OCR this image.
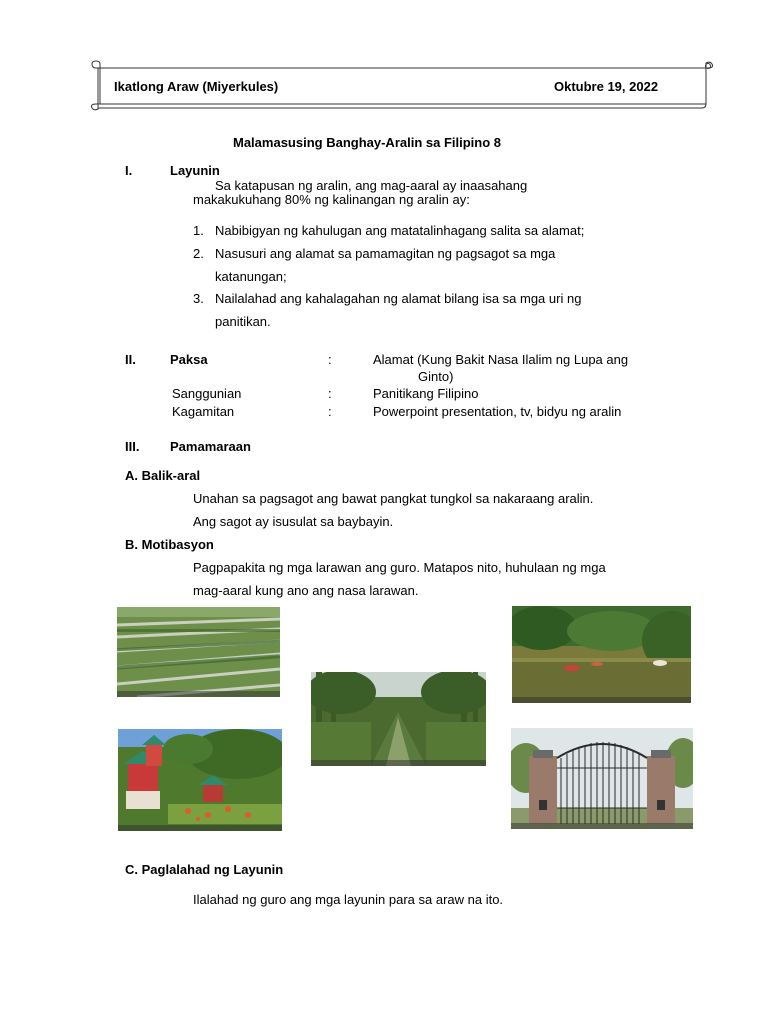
Ikatlong Araw (Miyerkules)	Oktubre 19, 2022
Malamasusing Banghay-Aralin sa Filipino 8
I.	Layunin
Sa katapusan ng aralin, ang mag-aaral ay inaasahang
makakukuhang 80% ng kalinangan ng aralin ay:
1. Nabibigyan ng kahulugan ang matatalinhagang salita sa alamat;
2. Nasusuri ang alamat sa pamamagitan ng pagsagot sa mga
katanungan;
3. Nailalahad ang kahalagahan ng alamat bilang isa sa mga uri ng
panitikan.
II.	Paksa	:	Alamat (Kung Bakit Nasa Ilalim ng Lupa ang
Ginto)
Sanggunian	:	Panitikang Filipino
Kagamitan	:	Powerpoint presentation, tv, bidyu ng aralin
III. Pamamaraan
A. Balik-aral
Unahan sa pagsagot ang bawat pangkat tungkol sa nakaraang aralin.
Ang sagot ay isusulat sa baybayin.
B. Motibasyon
Pagpapakita ng mga larawan ang guro. Matapos nito, huhulaan ng mga
mag-aaral kung ano ang nasa larawan.
C. Paglalahad ng Layunin
Ilalahad ng guro ang mga layunin para sa araw na ito.
